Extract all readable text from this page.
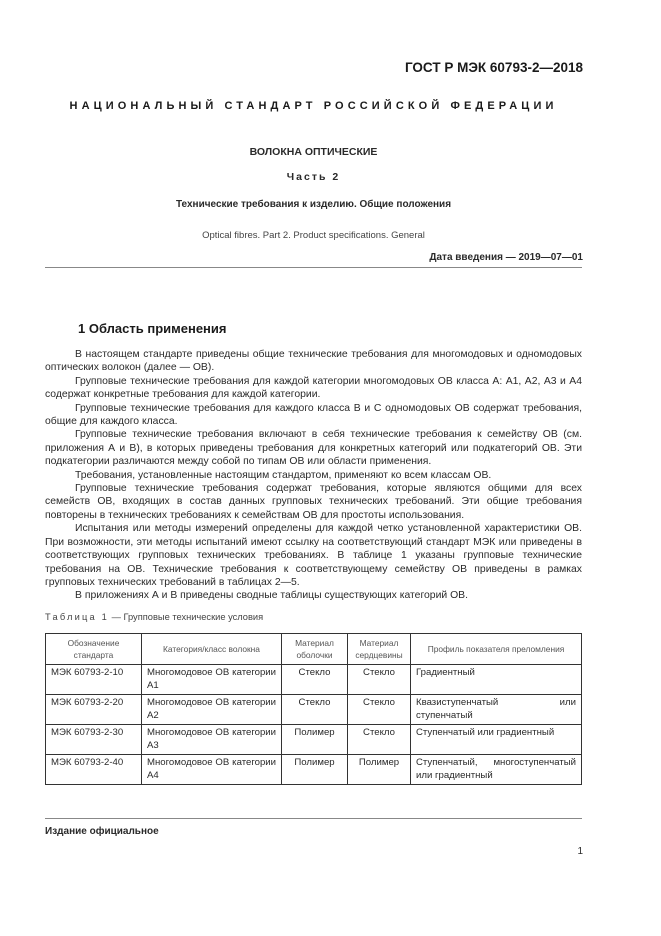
ГОСТ Р МЭК 60793-2—2018
НАЦИОНАЛЬНЫЙ СТАНДАРТ РОССИЙСКОЙ ФЕДЕРАЦИИ
ВОЛОКНА ОПТИЧЕСКИЕ
Часть 2
Технические требования к изделию. Общие положения
Optical fibres. Part 2. Product specifications. General
Дата введения — 2019—07—01
1 Область применения

В настоящем стандарте приведены общие технические требования для многомодовых и одномодовых оптических волокон (далее — ОВ).

Групповые технические требования для каждой категории многомодовых ОВ класса А: А1, А2, А3 и А4 содержат конкретные требования для каждой категории.

Групповые технические требования для каждого класса В и С одномодовых ОВ содержат требования, общие для каждого класса.

Групповые технические требования включают в себя технические требования к семейству ОВ (см. приложения А и В), в которых приведены требования для конкретных категорий или подкатегорий ОВ. Эти подкатегории различаются между собой по типам ОВ или области применения.

Требования, установленные настоящим стандартом, применяют ко всем классам ОВ.

Групповые технические требования содержат требования, которые являются общими для всех семейств ОВ, входящих в состав данных групповых технических требований. Эти общие требования повторены в технических требованиях к семействам ОВ для простоты использования.

Испытания или методы измерений определены для каждой четко установленной характеристики ОВ. При возможности, эти методы испытаний имеют ссылку на соответствующий стандарт МЭК или приведены в соответствующих групповых технических требованиях. В таблице 1 указаны групповые технические требования на ОВ. Технические требования к соответствующему семейству ОВ приведены в рамках групповых технических требований в таблицах 2—5.

В приложениях А и В приведены сводные таблицы существующих категорий ОВ.

Таблица 1 — Групповые технические условия
Обозначение стандарта	Категория/класс волокна	Материал оболочки	Материал сердцевины	Профиль показателя преломления
МЭК 60793-2-10	Многомодовое ОВ категории А1	Стекло	Стекло	Градиентный
МЭК 60793-2-20	Многомодовое ОВ категории А2	Стекло	Стекло	Квазиступенчатый или ступенчатый
МЭК 60793-2-30	Многомодовое ОВ категории А3	Полимер	Стекло	Ступенчатый или градиентный
МЭК 60793-2-40	Многомодовое ОВ категории А4	Полимер	Полимер	Ступенчатый, многоступенчатый или градиентный
Издание официальное
1
